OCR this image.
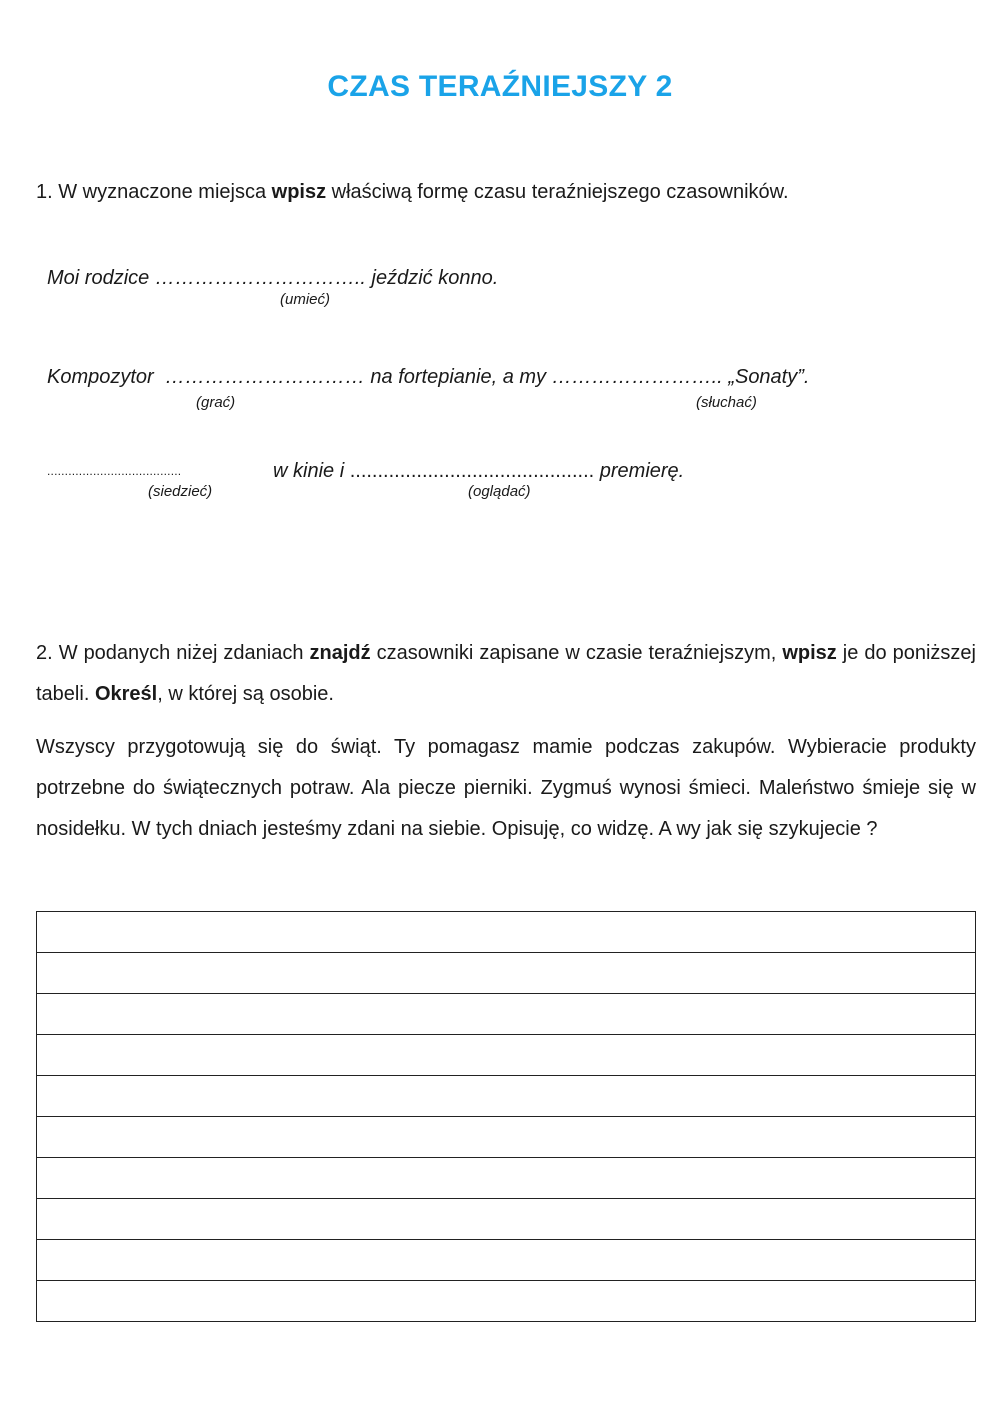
CZAS TERAŹNIEJSZY 2
1. W wyznaczone miejsca wpisz właściwą formę czasu teraźniejszego czasowników.
Moi rodzice ………………………….. jeździć konno.
(umieć)
Kompozytor ………………………… na fortepianie, a my …………………….. „Sonaty”.
(grać)	(słuchać)
......................................	w kinie i ............................................ premierę.
(siedzieć)	(oglądać)
2. W podanych niżej zdaniach znajdź czasowniki zapisane w czasie teraźniejszym, wpisz je do poniższej tabeli. Określ, w której są osobie.
Wszyscy przygotowują się do świąt. Ty pomagasz mamie podczas zakupów. Wybieracie produkty potrzebne do świątecznych potraw. Ala piecze pierniki. Zygmuś wynosi śmieci. Maleństwo śmieje się w nosidełku. W tych dniach jesteśmy zdani na siebie. Opisuję, co widzę. A wy jak się szykujecie ?
